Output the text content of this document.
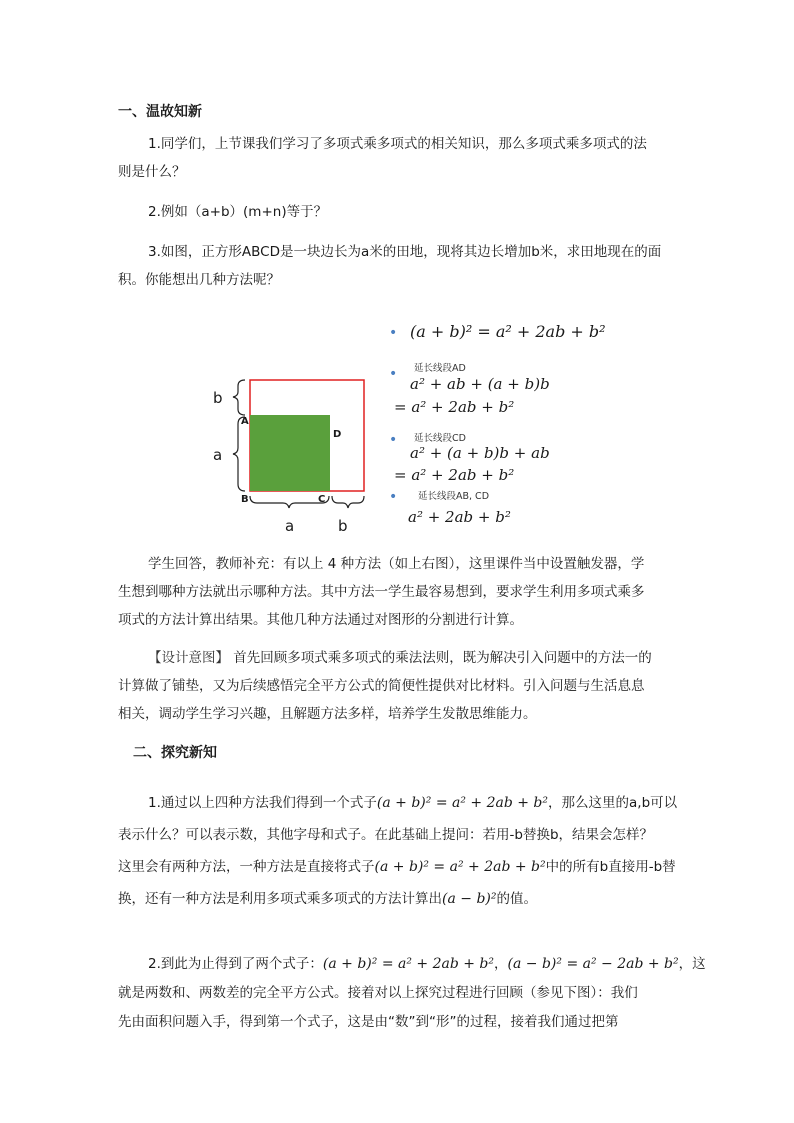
一、温故知新
1.同学们，上节课我们学习了多项式乘多项式的相关知识，那么多项式乘多项式的法
则是什么？
2.例如（a+b）(m+n)等于？
3.如图，正方形ABCD是一块边长为a米的田地，现将其边长增加b米，求田地现在的面
积。你能想出几种方法呢？
b
a
A
B	C
D
a	b
• (a + b)² = a² + 2ab + b²
• 延长线段AD
a² + ab + (a + b)b
= a² + 2ab + b²
• 延长线段CD
a² + (a + b)b + ab
= a² + 2ab + b²
• 延长线段AB, CD
a² + 2ab + b²
学生回答，教师补充：有以上 4 种方法（如上右图），这里课件当中设置触发器，学
生想到哪种方法就出示哪种方法。其中方法一学生最容易想到，要求学生利用多项式乘多
项式的方法计算出结果。其他几种方法通过对图形的分割进行计算。
【设计意图】 首先回顾多项式乘多项式的乘法法则，既为解决引入问题中的方法一的
计算做了铺垫，又为后续感悟完全平方公式的简便性提供对比材料。引入问题与生活息息
相关，调动学生学习兴趣，且解题方法多样，培养学生发散思维能力。
二、探究新知
1.通过以上四种方法我们得到一个式子(a + b)² = a² + 2ab + b²，那么这里的a,b可以
表示什么？可以表示数，其他字母和式子。在此基础上提问：若用-b替换b，结果会怎样？
这里会有两种方法，一种方法是直接将式子(a + b)² = a² + 2ab + b²中的所有b直接用-b替
换，还有一种方法是利用多项式乘多项式的方法计算出(a − b)²的值。
2.到此为止得到了两个式子：(a + b)² = a² + 2ab + b²，(a − b)² = a² − 2ab + b²，这
就是两数和、两数差的完全平方公式。接着对以上探究过程进行回顾（参见下图）：我们
先由面积问题入手，得到第一个式子，这是由“数”到“形”的过程，接着我们通过把第
